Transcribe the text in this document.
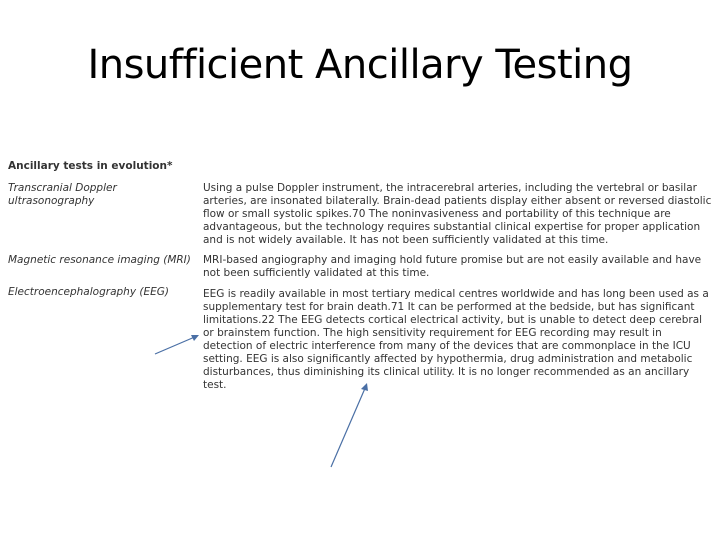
Insufficient Ancillary Testing
Ancillary tests in evolution*
Transcranial Doppler ultrasonography
Using a pulse Doppler instrument, the intracerebral arteries, including the vertebral or basilar arteries, are insonated bilaterally. Brain-dead patients display either absent or reversed diastolic flow or small systolic spikes.70 The noninvasiveness and portability of this technique are advantageous, but the technology requires substantial clinical expertise for proper application and is not widely available. It has not been sufficiently validated at this time.
Magnetic resonance imaging (MRI) MRI-based angiography and imaging hold future promise but are not easily available and have not been sufficiently validated at this time.
Electroencephalography (EEG)	EEG is readily available in most tertiary medical centres worldwide and has long been used as a supplementary test for brain death.71 It can be performed at the bedside, but has significant limitations.22 The EEG detects cortical electrical activity, but is unable to detect deep cerebral or brainstem function. The high sensitivity requirement for EEG recording may result in detection of electric interference from many of the devices that are commonplace in the ICU setting. EEG is also significantly affected by hypothermia, drug administration and metabolic disturbances, thus diminishing its clinical utility. It is no longer recommended as an ancillary test.
